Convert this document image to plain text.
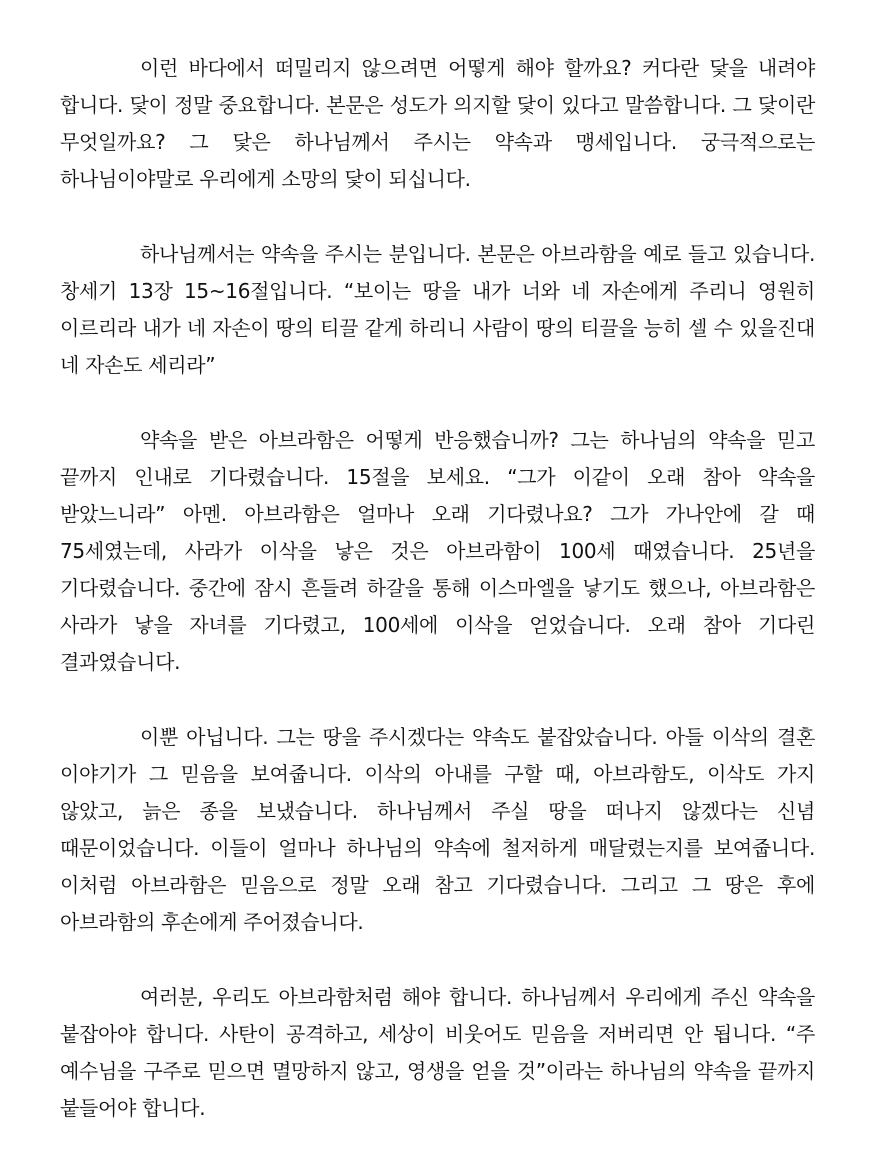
이런 바다에서 떠밀리지 않으려면 어떻게 해야 할까요? 커다란 닻을 내려야 합니다. 닻이 정말 중요합니다. 본문은 성도가 의지할 닻이 있다고 말씀합니다. 그 닻이란 무엇일까요? 그 닻은 하나님께서 주시는 약속과 맹세입니다. 궁극적으로는 하나님이야말로 우리에게 소망의 닻이 되십니다.

하나님께서는 약속을 주시는 분입니다. 본문은 아브라함을 예로 들고 있습니다. 창세기 13장 15~16절입니다. “보이는 땅을 내가 너와 네 자손에게 주리니 영원히 이르리라 내가 네 자손이 땅의 티끌 같게 하리니 사람이 땅의 티끌을 능히 셀 수 있을진대 네 자손도 세리라”

약속을 받은 아브라함은 어떻게 반응했습니까? 그는 하나님의 약속을 믿고 끝까지 인내로 기다렸습니다. 15절을 보세요. “그가 이같이 오래 참아 약속을 받았느니라” 아멘. 아브라함은 얼마나 오래 기다렸나요? 그가 가나안에 갈 때 75세였는데, 사라가 이삭을 낳은 것은 아브라함이 100세 때였습니다. 25년을 기다렸습니다. 중간에 잠시 흔들려 하갈을 통해 이스마엘을 낳기도 했으나, 아브라함은 사라가 낳을 자녀를 기다렸고, 100세에 이삭을 얻었습니다. 오래 참아 기다린 결과였습니다.

이뿐 아닙니다. 그는 땅을 주시겠다는 약속도 붙잡았습니다. 아들 이삭의 결혼 이야기가 그 믿음을 보여줍니다. 이삭의 아내를 구할 때, 아브라함도, 이삭도 가지 않았고, 늙은 종을 보냈습니다. 하나님께서 주실 땅을 떠나지 않겠다는 신념 때문이었습니다. 이들이 얼마나 하나님의 약속에 철저하게 매달렸는지를 보여줍니다. 이처럼 아브라함은 믿음으로 정말 오래 참고 기다렸습니다. 그리고 그 땅은 후에 아브라함의 후손에게 주어졌습니다.

여러분, 우리도 아브라함처럼 해야 합니다. 하나님께서 우리에게 주신 약속을 붙잡아야 합니다. 사탄이 공격하고, 세상이 비웃어도 믿음을 저버리면 안 됩니다. “주 예수님을 구주로 믿으면 멸망하지 않고, 영생을 얻을 것”이라는 하나님의 약속을 끝까지 붙들어야 합니다.
